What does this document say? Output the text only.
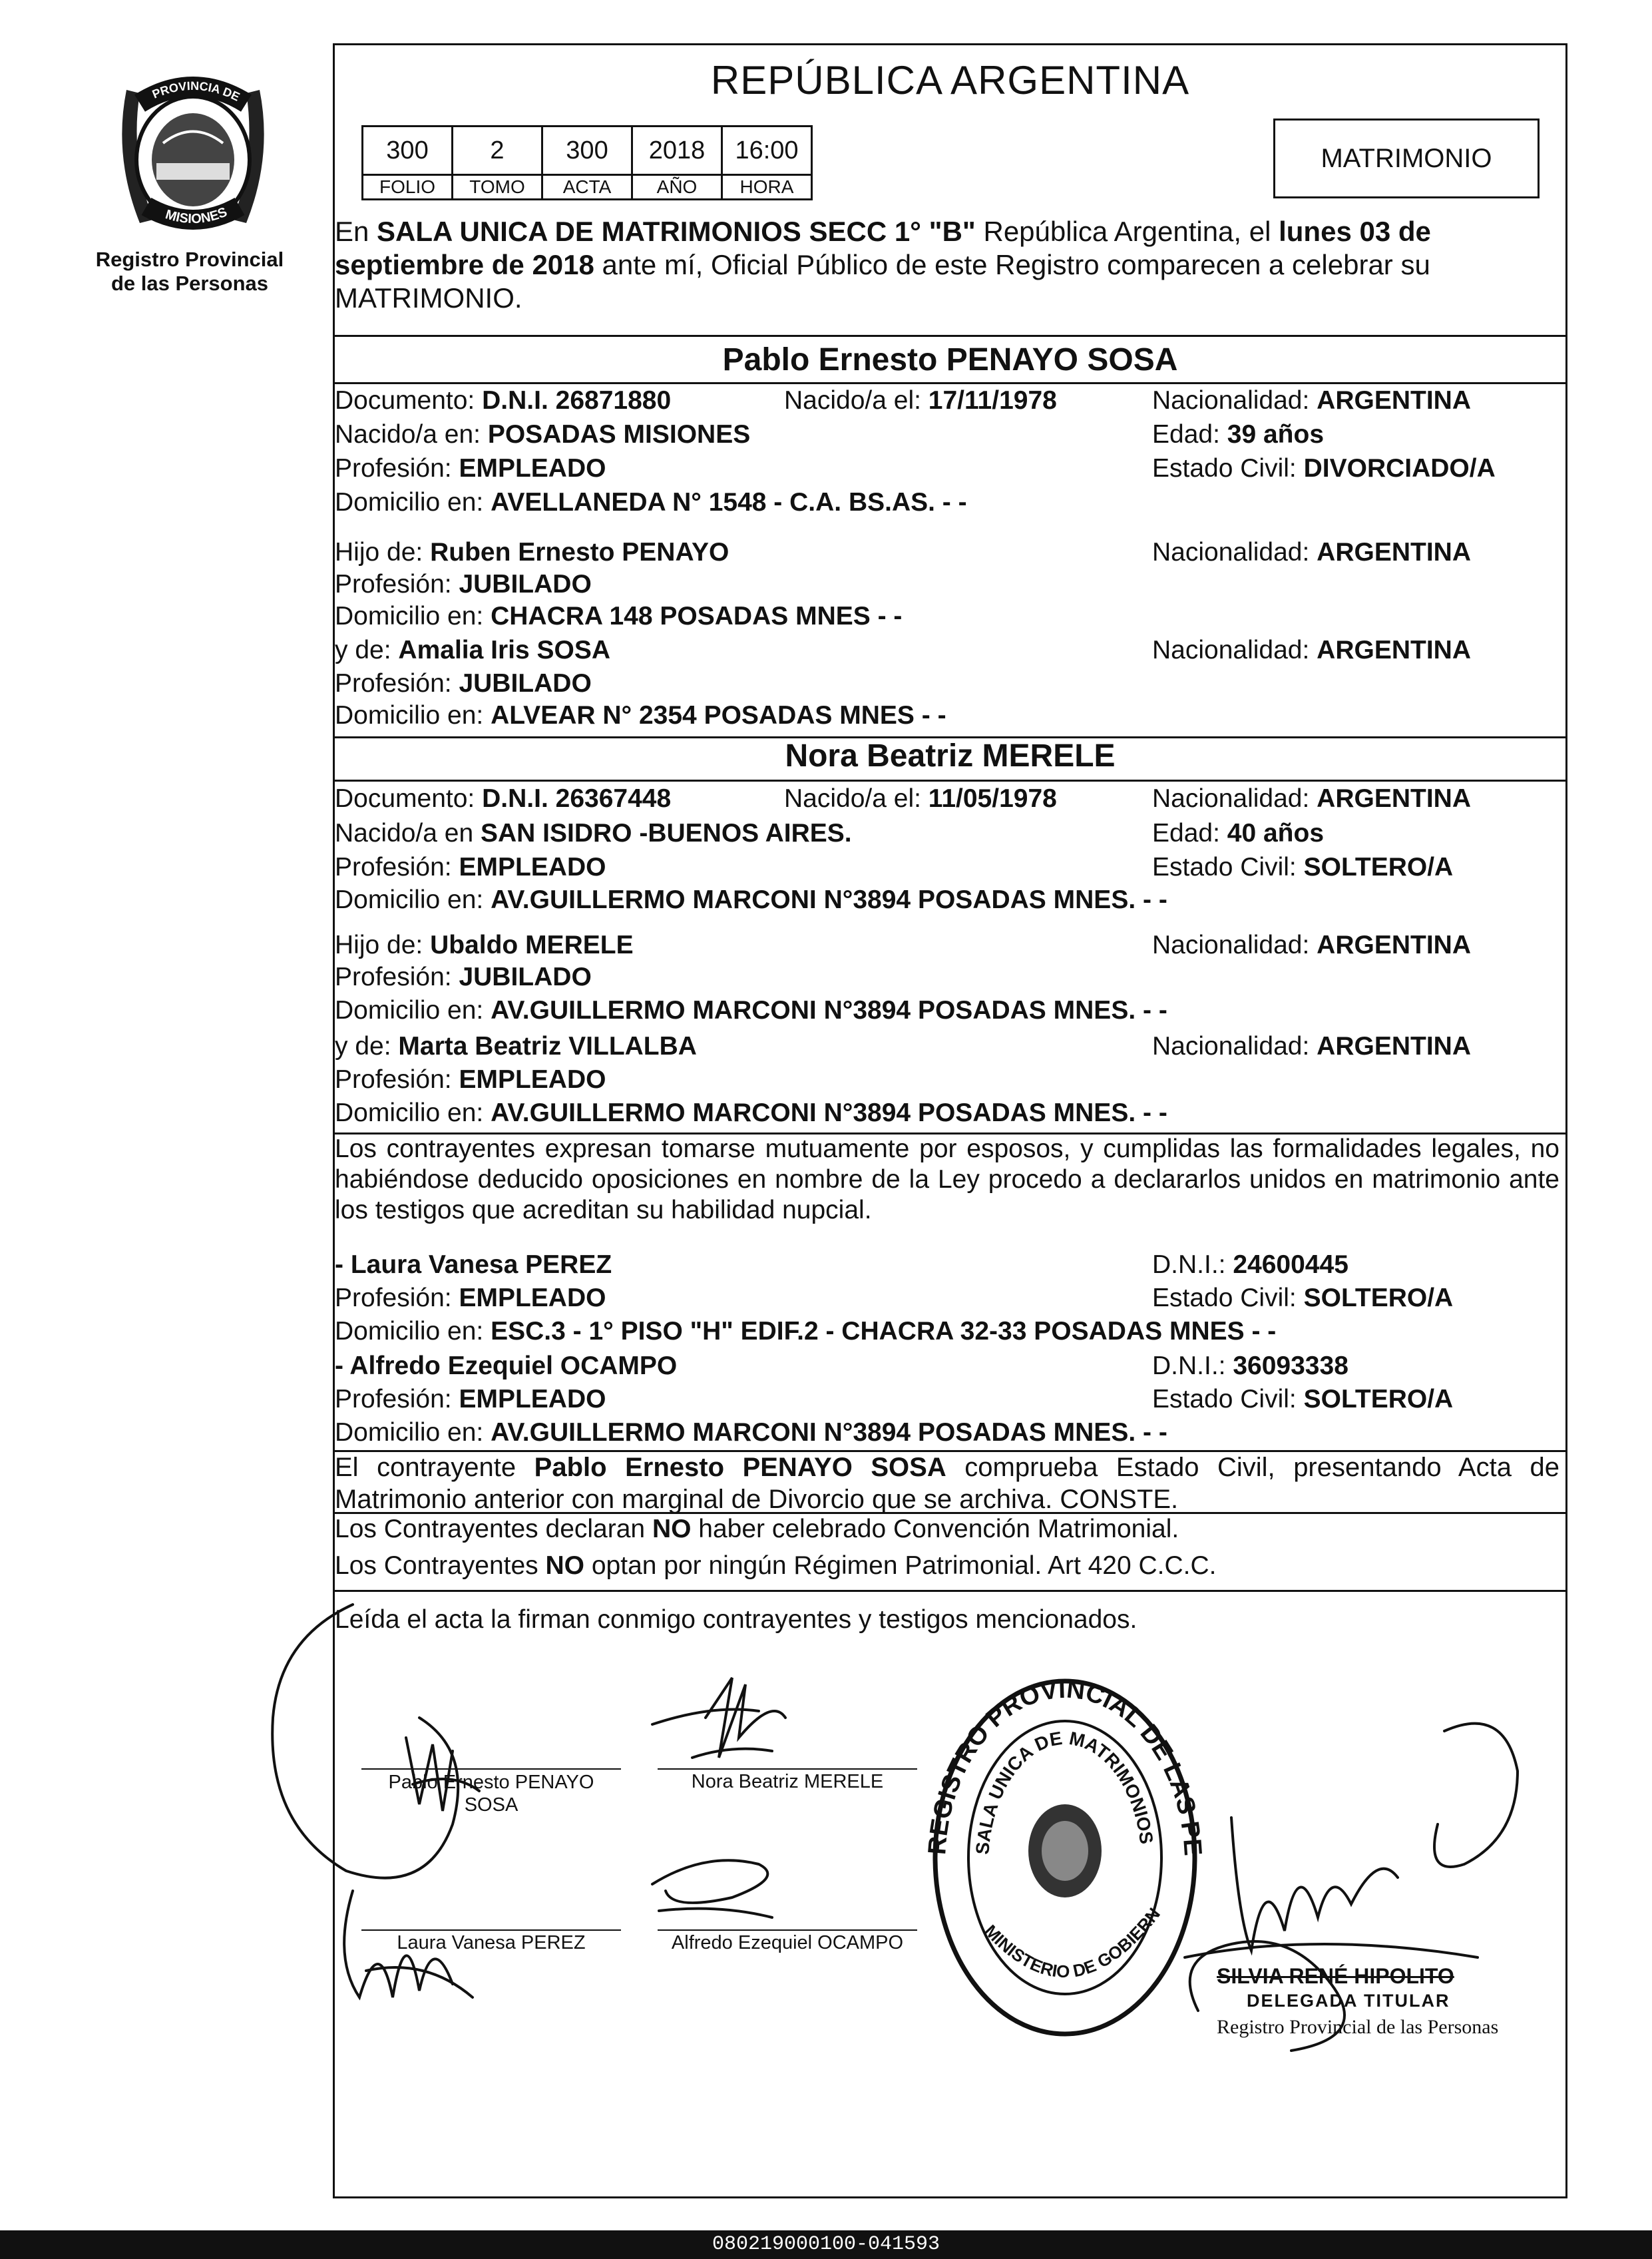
PROVINCIA DE
MISIONES
Registro Provincial
de las Personas
REPÚBLICA ARGENTINA
300	2	300	2018	16:00
FOLIO	TOMO	ACTA	AÑO	HORA
MATRIMONIO
En SALA UNICA DE MATRIMONIOS SECC 1° "B" República Argentina, el lunes 03 de
septiembre de 2018 ante mí, Oficial Público de este Registro comparecen a celebrar su
MATRIMONIO.
Pablo Ernesto PENAYO SOSA
Documento: D.N.I. 26871880	Nacido/a el: 17/11/1978	Nacionalidad: ARGENTINA
Nacido/a en: POSADAS MISIONES	Edad: 39 años
Profesión: EMPLEADO	Estado Civil: DIVORCIADO/A
Domicilio en: AVELLANEDA N° 1548 - C.A. BS.AS. - -
Hijo de: Ruben Ernesto PENAYO	Nacionalidad: ARGENTINA
Profesión: JUBILADO
Domicilio en: CHACRA 148 POSADAS MNES - -
y de: Amalia Iris SOSA	Nacionalidad: ARGENTINA
Profesión: JUBILADO
Domicilio en: ALVEAR N° 2354 POSADAS MNES - -
Nora Beatriz MERELE
Documento: D.N.I. 26367448	Nacido/a el: 11/05/1978	Nacionalidad: ARGENTINA
Nacido/a en SAN ISIDRO -BUENOS AIRES.	Edad: 40 años
Profesión: EMPLEADO	Estado Civil: SOLTERO/A
Domicilio en: AV.GUILLERMO MARCONI N°3894 POSADAS MNES. - -
Hijo de: Ubaldo MERELE	Nacionalidad: ARGENTINA
Profesión: JUBILADO
Domicilio en: AV.GUILLERMO MARCONI N°3894 POSADAS MNES. - -
y de: Marta Beatriz VILLALBA	Nacionalidad: ARGENTINA
Profesión: EMPLEADO
Domicilio en: AV.GUILLERMO MARCONI N°3894 POSADAS MNES. - -
Los contrayentes expresan tomarse mutuamente por esposos, y cumplidas las formalidades legales, no habiéndose deducido oposiciones en nombre de la Ley procedo a declararlos unidos en matrimonio ante los testigos que acreditan su habilidad nupcial.
- Laura Vanesa PEREZ	D.N.I.: 24600445
Profesión: EMPLEADO	Estado Civil: SOLTERO/A
Domicilio en: ESC.3 - 1° PISO "H" EDIF.2 - CHACRA 32-33 POSADAS MNES - -
- Alfredo Ezequiel OCAMPO	D.N.I.: 36093338
Profesión: EMPLEADO	Estado Civil: SOLTERO/A
Domicilio en: AV.GUILLERMO MARCONI N°3894 POSADAS MNES. - -
El contrayente Pablo Ernesto PENAYO SOSA comprueba Estado Civil, presentando Acta de Matrimonio anterior con marginal de Divorcio que se archiva. CONSTE.
Los Contrayentes declaran NO haber celebrado Convención Matrimonial.
Los Contrayentes NO optan por ningún Régimen Patrimonial. Art 420 C.C.C.
Leída el acta la firman conmigo contrayentes y testigos mencionados.
Pablo Ernesto PENAYO
SOSA
Nora Beatriz MERELE
Laura Vanesa PEREZ	Alfredo Ezequiel OCAMPO
SILVIA RENÉ HIPOLITO
DELEGADA TITULAR
Registro Provincial de las Personas
REGISTRO PROVINCIAL DE LAS PE
SALA UNICA DE MATRIMONIOS
MINISTERIO DE GOBIERN
080219000100-041593
